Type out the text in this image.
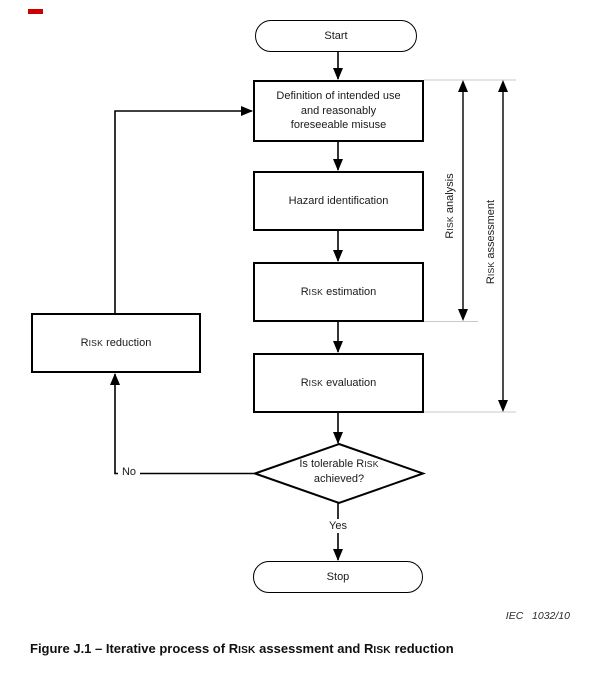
Start
Definition of intended use and reasonably foreseeable misuse
Hazard identification
RISK estimation
RISK evaluation
RISK reduction
Is tolerable RISK achieved?
Stop
Yes
No
RISK analysis
RISK assessment
IEC   1032/10
Figure J.1 – Iterative process of RISK assessment and RISK reduction
